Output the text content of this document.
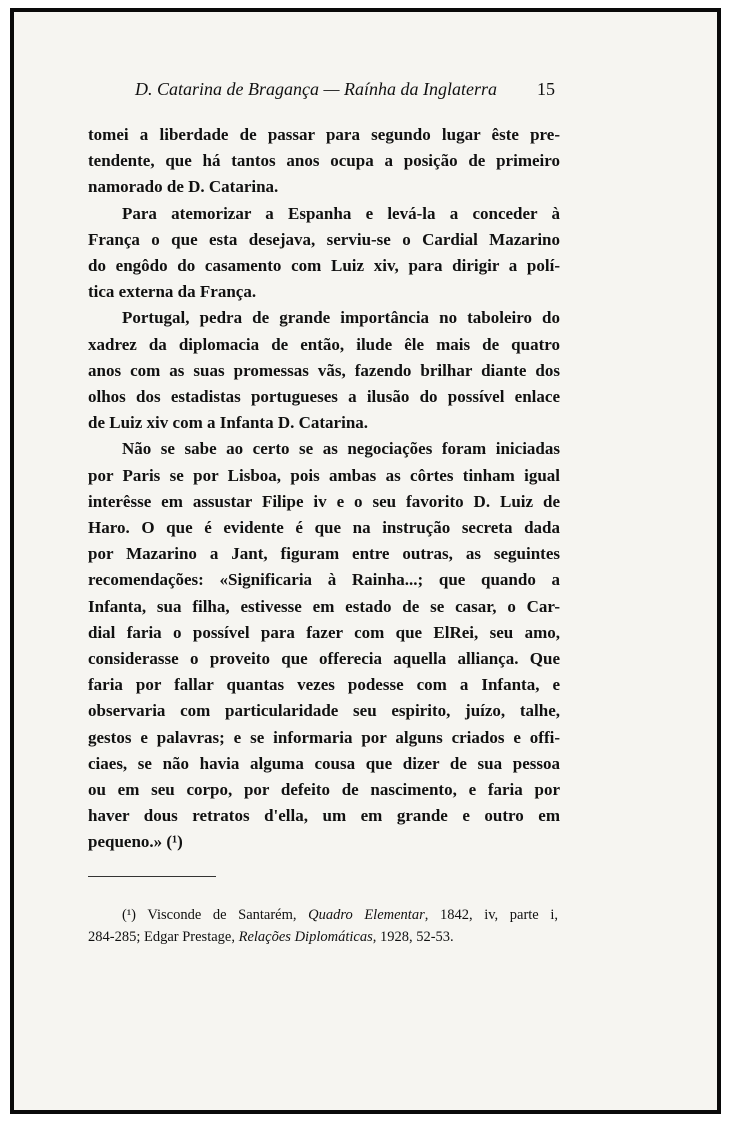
D. Catarina de Bragança — Raínha da Inglaterra 15

tomei a liberdade de passar para segundo lugar êste pre-
tendente, que há tantos anos ocupa a posição de primeiro
namorado de D. Catarina.

Para atemorizar a Espanha e levá-la a conceder à
França o que esta desejava, serviu-se o Cardial Mazarino
do engôdo do casamento com Luiz xiv, para dirigir a polí-
tica externa da França.

Portugal, pedra de grande importância no taboleiro do
xadrez da diplomacia de então, ilude êle mais de quatro
anos com as suas promessas vãs, fazendo brilhar diante dos
olhos dos estadistas portugueses a ilusão do possível enlace
de Luiz xiv com a Infanta D. Catarina.

Não se sabe ao certo se as negociações foram iniciadas
por Paris se por Lisboa, pois ambas as côrtes tinham igual
interêsse em assustar Filipe iv e o seu favorito D. Luiz de
Haro. O que é evidente é que na instrução secreta dada
por Mazarino a Jant, figuram entre outras, as seguintes
recomendações: «Significaria à Rainha...; que quando a
Infanta, sua filha, estivesse em estado de se casar, o Car-
dial faria o possível para fazer com que ElRei, seu amo,
considerasse o proveito que offerecia aquella alliança. Que
faria por fallar quantas vezes podesse com a Infanta, e
observaria com particularidade seu espirito, juízo, talhe,
gestos e palavras; e se informaria por alguns criados e offi-
ciaes, se não havia alguma cousa que dizer de sua pessoa
ou em seu corpo, por defeito de nascimento, e faria por
haver dous retratos d'ella, um em grande e outro em
pequeno.» (¹)

(¹) Visconde de Santarém, Quadro Elementar, 1842, iv, parte i,
284-285; Edgar Prestage, Relações Diplomáticas, 1928, 52-53.
